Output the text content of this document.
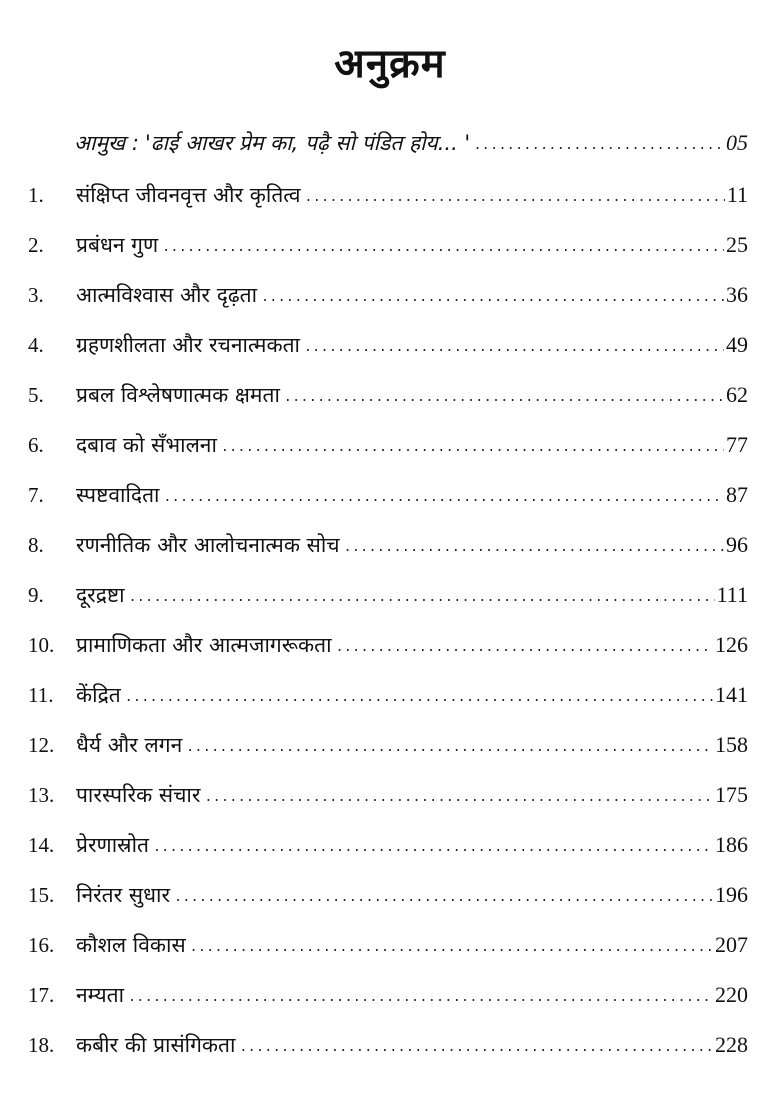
अनुक्रम
आमुख : 'ढाई आखर प्रेम का, पढ़ै सो पंडित होय... ' .....	05
1.	संक्षिप्त जीवनवृत्त और कृतित्व .....	11
2.	प्रबंधन गुण .....	25
3.	आत्मविश्वास और दृढ़ता .....	36
4.	ग्रहणशीलता और रचनात्मकता .....	49
5.	प्रबल विश्लेषणात्मक क्षमता .....	62
6.	दबाव को सँभालना .....	77
7.	स्पष्टवादिता .....	87
8.	रणनीतिक और आलोचनात्मक सोच .....	96
9.	दूरद्रष्टा .....	111
10.	प्रामाणिकता और आत्मजागरूकता .....	126
11.	केंद्रित .....	141
12.	धैर्य और लगन .....	158
13.	पारस्परिक संचार .....	175
14.	प्रेरणास्रोत .....	186
15.	निरंतर सुधार .....	196
16.	कौशल विकास .....	207
17.	नम्यता .....	220
18.	कबीर की प्रासंगिकता .....	228
